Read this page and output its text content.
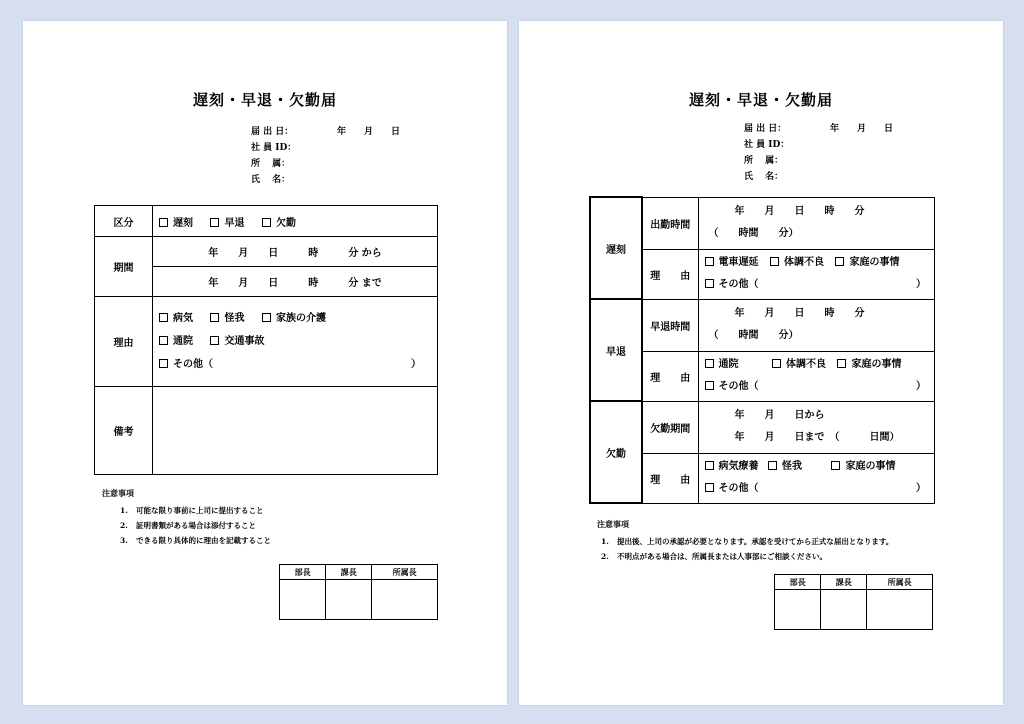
遅刻・早退・欠勤届
届 出 日：	年　　月　　日
社 員 ID：
所　 属：
氏　 名：
区分	遅刻 早退 欠勤
期間	年　　月　　日　　　時　　　分 から
	年　　月　　日　　　時　　　分 まで
理由	病気 怪我 家族の介護
通院 交通事故
その他（ ）

備考	
注意事項
1. 可能な限り事前に上司に提出すること
2. 証明書類がある場合は添付すること
3. できる限り具体的に理由を記載すること
部長	課長	所属長

遅刻・早退・欠勤届
届 出 日：	年　　月　　日
社 員 ID：
所　 属：
氏　 名：
遅刻	出勤時間	年　　月　　日　　時　　分
（　　時間　　分）

	理　　由	電車遅延 体調不良 家庭の事情
その他（ ）

早退	早退時間	年　　月　　日　　時　　分
（　　時間　　分）

	理　　由	通院 体調不良 家庭の事情
その他（ ）

欠勤	欠勤期間	年　　月　　日から
年　　月　　日まで　（　　　日間）

	理　　由	病気療養 怪我 家庭の事情
その他（ ）
注意事項
1. 提出後、上司の承認が必要となります。承認を受けてから正式な届出となります。
2. 不明点がある場合は、所属長または人事部にご相談ください。
部長	課長	所属長
